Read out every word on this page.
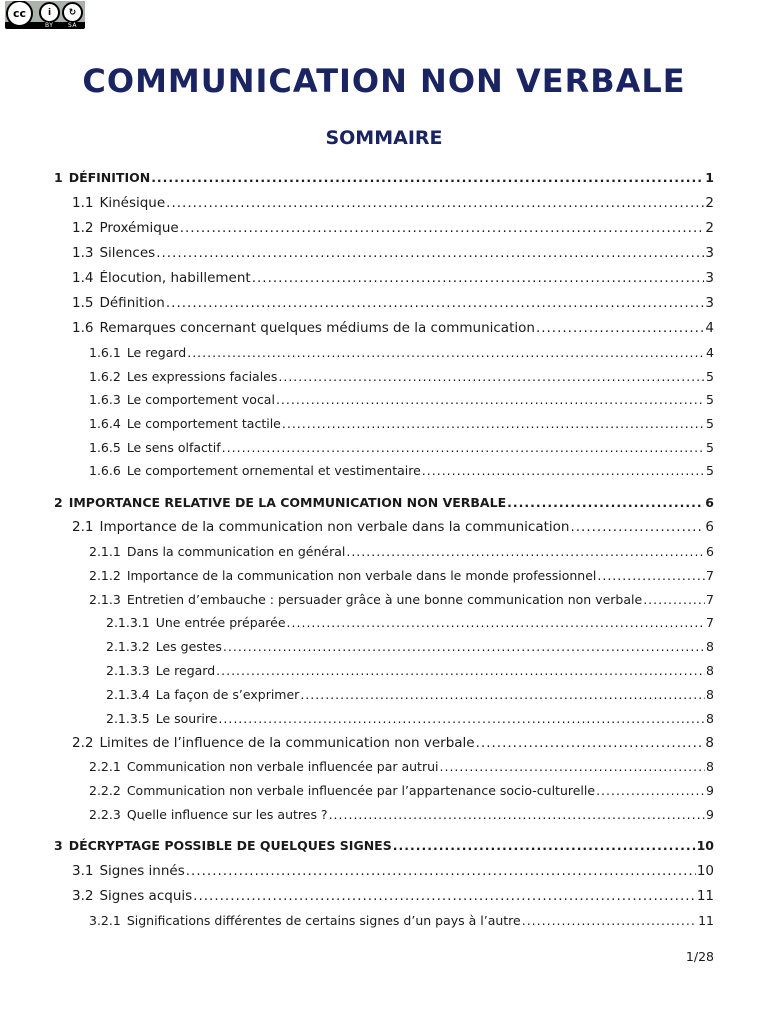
cc	i	↻
BY SA
COMMUNICATION NON VERBALE
SOMMAIRE
1 DÉFINITION .....	1
1.1 Kinésique .....	2
1.2 Proxémique .....	2
1.3 Silences .....	3
1.4 Élocution, habillement .....	3
1.5 Définition .....	3
1.6 Remarques concernant quelques médiums de la communication .....	4
1.6.1 Le regard .....	4
1.6.2 Les expressions faciales .....	5
1.6.3 Le comportement vocal .....	5
1.6.4 Le comportement tactile .....	5
1.6.5 Le sens olfactif .....	5
1.6.6 Le comportement ornemental et vestimentaire .....	5
2 IMPORTANCE RELATIVE DE LA COMMUNICATION NON VERBALE .....	6
2.1 Importance de la communication non verbale dans la communication .....	6
2.1.1 Dans la communication en général .....	6
2.1.2 Importance de la communication non verbale dans le monde professionnel .....	7
2.1.3 Entretien d’embauche : persuader grâce à une bonne communication non verbale .....	7
2.1.3.1 Une entrée préparée .....	7
2.1.3.2 Les gestes .....	8
2.1.3.3 Le regard .....	8
2.1.3.4 La façon de s’exprimer .....	8
2.1.3.5 Le sourire .....	8
2.2 Limites de l’influence de la communication non verbale .....	8
2.2.1 Communication non verbale influencée par autrui .....	8
2.2.2 Communication non verbale influencée par l’appartenance socio-culturelle .....	9
2.2.3 Quelle influence sur les autres ? .....	9
3 DÉCRYPTAGE POSSIBLE DE QUELQUES SIGNES .....	10
3.1 Signes innés .....	10
3.2 Signes acquis .....	11
3.2.1 Significations différentes de certains signes d’un pays à l’autre .....	11
1/28
